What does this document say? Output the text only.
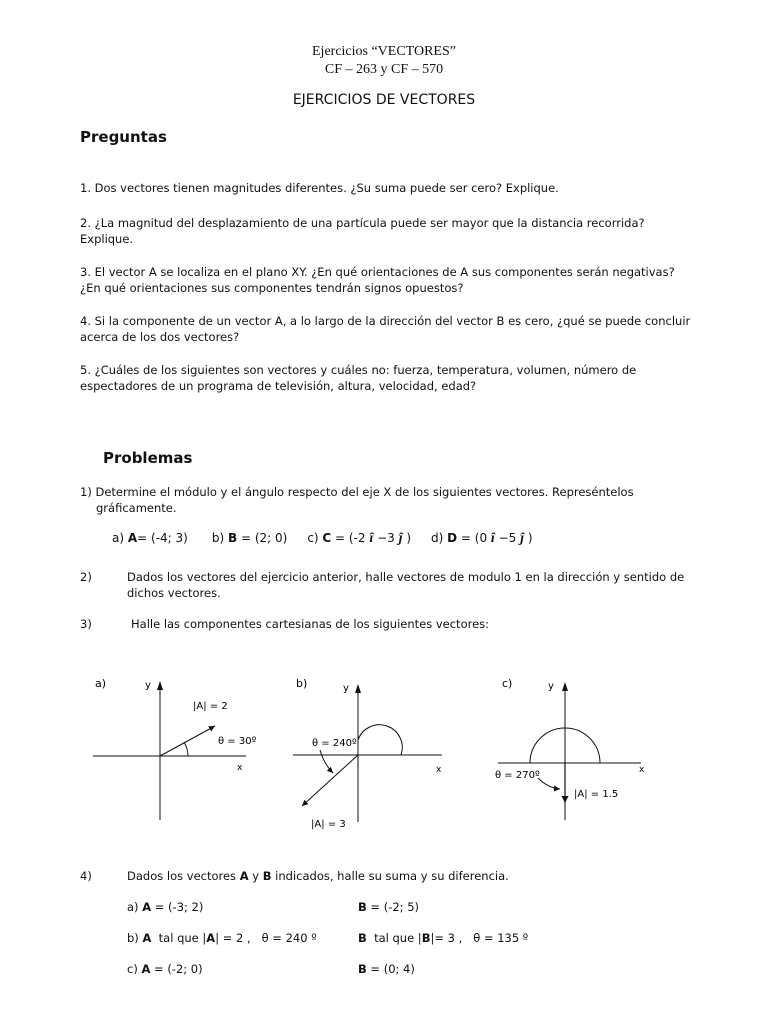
Ejercicios “VECTORES”
CF – 263 y CF – 570
EJERCICIOS DE VECTORES
Preguntas
1. Dos vectores tienen magnitudes diferentes. ¿Su suma puede ser cero? Explique.
2. ¿La magnitud del desplazamiento de una partícula puede ser mayor que la distancia recorrida?
Explique.
3. El vector A se localiza en el plano XY. ¿En qué orientaciones de A sus componentes serán negativas?
¿En qué orientaciones sus componentes tendrán signos opuestos?
4. Si la componente de un vector A, a lo largo de la dirección del vector B es cero, ¿qué se puede concluir
acerca de los dos vectores?
5. ¿Cuáles de los siguientes son vectores y cuáles no: fuerza, temperatura, volumen, número de
espectadores de un programa de televisión, altura, velocidad, edad?
Problemas
1) Determine el módulo y el ángulo respecto del eje X de los siguientes vectores. Represéntelos
gráficamente.
a) A= (-4; 3) b) B = (2; 0) c) C = (-2 î −3 ĵ ) d) D = (0 î −5 ĵ )
2)	Dados los vectores del ejercicio anterior, halle vectores de modulo 1 en la dirección y sentido de
dichos vectores.
3)	Halle las componentes cartesianas de los siguientes vectores:
a)	y
x
|A| = 2
θ = 30º
b)	y
x
θ = 240º
|A| = 3
c)	y
x
θ = 270º
|A| = 1.5
4)	Dados los vectores A y B indicados, halle su suma y su diferencia.
a) A = (-3; 2)	B = (-2; 5)
b) A  tal que |A| = 2 ,   θ = 240 º	B  tal que |B|= 3 ,   θ = 135 º
c) A = (-2; 0)	B = (0; 4)
